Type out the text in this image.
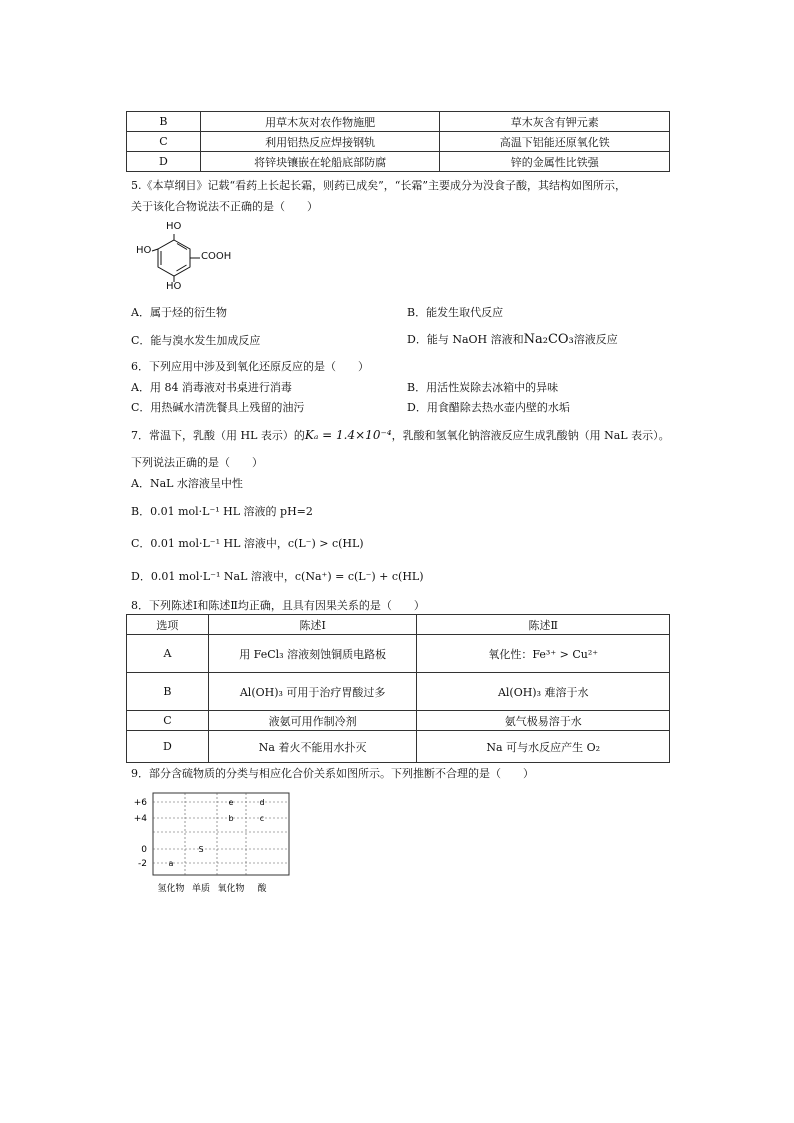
B	用草木灰对农作物施肥	草木灰含有钾元素
C	利用铝热反应焊接钢轨	高温下铝能还原氧化铁
D	将锌块镶嵌在轮船底部防腐	锌的金属性比铁强
5.《本草纲目》记载“看药上长起长霜，则药已成矣”，“长霜”主要成分为没食子酸，其结构如图所示，
关于该化合物说法不正确的是（　　）
HO
HO
HO
COOH
A．属于烃的衍生物	B．能发生取代反应
C．能与溴水发生加成反应	D．能与 NaOH 溶液和Na₂CO₃溶液反应
6．下列应用中涉及到氧化还原反应的是（　　）
A．用 84 消毒液对书桌进行消毒	B．用活性炭除去冰箱中的异味
C．用热碱水清洗餐具上残留的油污	D．用食醋除去热水壶内壁的水垢
7．常温下，乳酸（用 HL 表示）的Kₐ = 1.4×10⁻⁴，乳酸和氢氧化钠溶液反应生成乳酸钠（用 NaL 表示）。
下列说法正确的是（　　）
A．NaL 水溶液呈中性
B．0.01 mol·L⁻¹ HL 溶液的 pH=2
C．0.01 mol·L⁻¹ HL 溶液中，c(L⁻) > c(HL)
D．0.01 mol·L⁻¹ NaL 溶液中，c(Na⁺) = c(L⁻) + c(HL)
8．下列陈述Ⅰ和陈述Ⅱ均正确，且具有因果关系的是（　　）
选项	陈述Ⅰ	陈述Ⅱ
A	用 FeCl₃ 溶液刻蚀铜质电路板	氧化性：Fe³⁺ > Cu²⁺
B	Al(OH)₃ 可用于治疗胃酸过多	Al(OH)₃ 难溶于水
C	液氨可用作制冷剂	氨气极易溶于水
D	Na 着火不能用水扑灭	Na 可与水反应产生 O₂
9．部分含硫物质的分类与相应化合价关系如图所示。下列推断不合理的是（　　）
+6
+4
0
-2
氢化物 单质 氧化物 酸
a
S
b
e
c
d
